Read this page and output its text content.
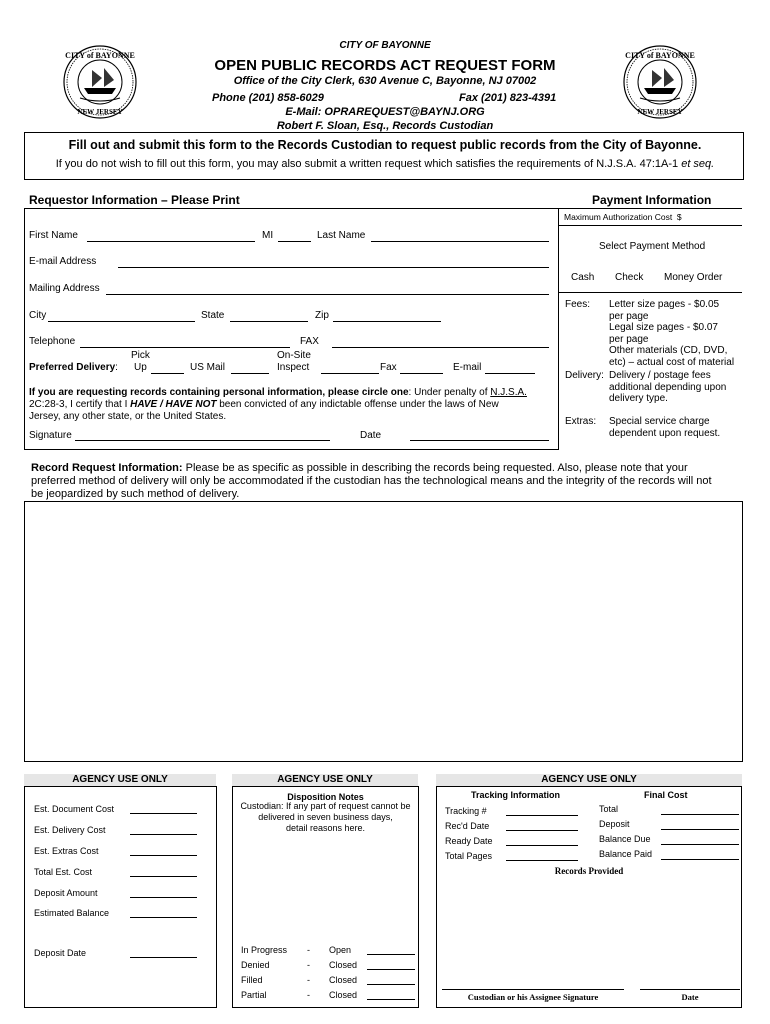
CITY of BAYONNE
NEW JERSEY
CITY of BAYONNE
NEW JERSEY
CITY OF BAYONNE
OPEN PUBLIC RECORDS ACT REQUEST FORM
Office of the City Clerk, 630 Avenue C, Bayonne, NJ 07002
Phone (201) 858-6029	Fax (201) 823-4391
E-Mail: OPRAREQUEST@BAYNJ.ORG
Robert F. Sloan, Esq., Records Custodian
Fill out and submit this form to the Records Custodian to request public records from the City of Bayonne.
If you do not wish to fill out this form, you may also submit a written request which satisfies the requirements of N.J.S.A. 47:1A-1 et seq.
Requestor Information – Please Print
First Name	MI	Last Name
E-mail Address
Mailing Address
City	State	Zip
Telephone	FAX
Pick	On-Site
Preferred Delivery: Up	US Mail	Inspect	Fax	E-mail
If you are requesting records containing personal information, please circle one: Under penalty of N.J.S.A.
2C:28-3, I certify that I HAVE / HAVE NOT been convicted of any indictable offense under the laws of New
Jersey, any other state, or the United States.
Signature	Date
Payment Information
Maximum Authorization Cost $
Select Payment Method
Cash Check Money Order
Fees: Letter size pages - $0.05
per page
Legal size pages - $0.07
per page
Other materials (CD, DVD,
etc) – actual cost of material
Delivery: Delivery / postage fees
additional depending upon
delivery type.
Extras: Special service charge
dependent upon request.
Record Request Information: Please be as specific as possible in describing the records being requested. Also, please note that your
preferred method of delivery will only be accommodated if the custodian has the technological means and the integrity of the records will not
be jeopardized by such method of delivery.
AGENCY USE ONLY	AGENCY USE ONLY	AGENCY USE ONLY
Est. Document Cost
Est. Delivery Cost
Est. Extras Cost
Total Est. Cost
Deposit Amount
Estimated Balance
Deposit Date
Disposition Notes
Custodian: If any part of request cannot be
delivered in seven business days,
detail reasons here.
In Progress - Open
Denied	- Closed
Filled	- Closed
Partial	- Closed
Tracking Information	Final Cost
Tracking #
Rec'd Date
Ready Date
Total Pages
Total
Deposit
Balance Due
Balance Paid
Records Provided
Custodian or his Assignee Signature	Date
